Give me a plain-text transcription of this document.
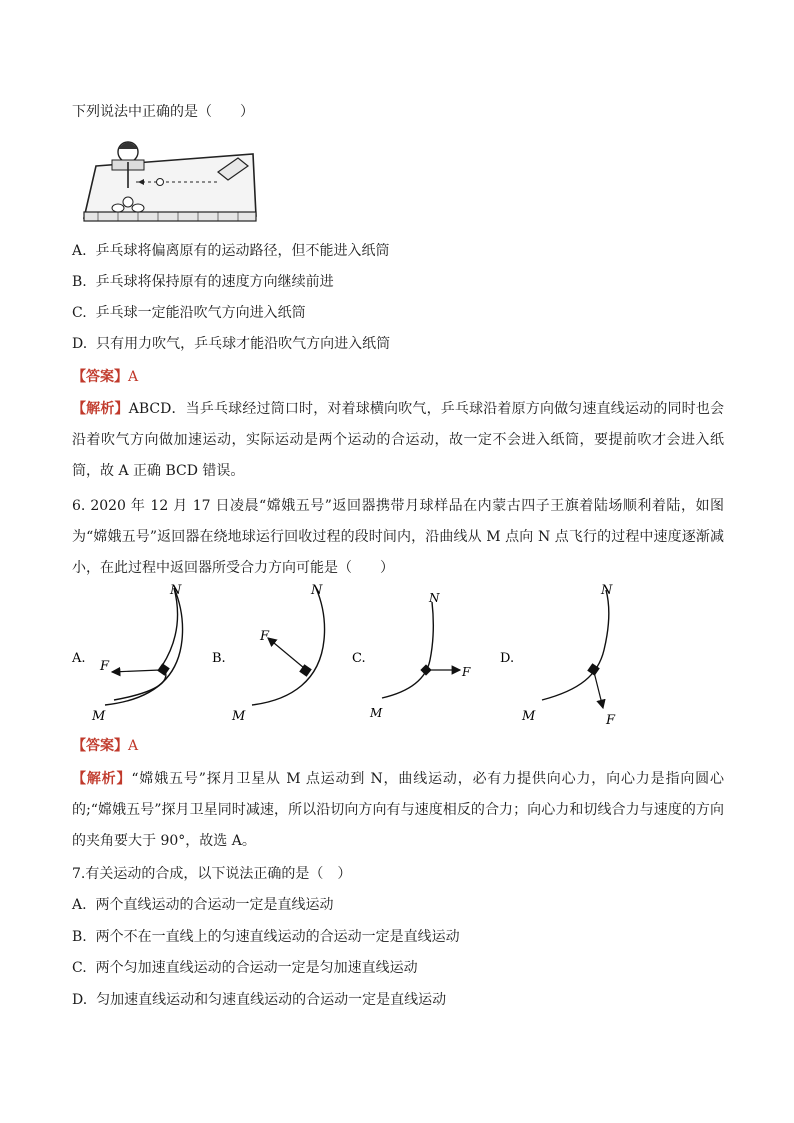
下列说法中正确的是（　　）
A. 乒乓球将偏离原有的运动路径，但不能进入纸筒
B. 乒乓球将保持原有的速度方向继续前进
C. 乒乓球一定能沿吹气方向进入纸筒
D. 只有用力吹气，乒乓球才能沿吹气方向进入纸筒
【答案】A
【解析】ABCD．当乒乓球经过筒口时，对着球横向吹气，乒乓球沿着原方向做匀速直线运动的同时也会沿着吹气方向做加速运动，实际运动是两个运动的合运动，故一定不会进入纸筒，要提前吹才会进入纸筒，故 A 正确 BCD 错误。
6. 2020 年 12 月 17 日凌晨“嫦娥五号”返回器携带月球样品在内蒙古四子王旗着陆场顺利着陆，如图为“嫦娥五号”返回器在绕地球运行回收过程的段时间内，沿曲线从 M 点向 N 点飞行的过程中速度逐渐减小，在此过程中返回器所受合力方向可能是（　　）
A.
F
M
N
B.
F
M
N
C.
F
M
N
D.
F
M
N
【答案】A
【解析】“嫦娥五号”探月卫星从 M 点运动到 N，曲线运动，必有力提供向心力，向心力是指向圆心的;“嫦娥五号”探月卫星同时减速，所以沿切向方向有与速度相反的合力；向心力和切线合力与速度的方向的夹角要大于 90°，故选 A。
7.有关运动的合成，以下说法正确的是（　）
A. 两个直线运动的合运动一定是直线运动
B. 两个不在一直线上的匀速直线运动的合运动一定是直线运动
C. 两个匀加速直线运动的合运动一定是匀加速直线运动
D. 匀加速直线运动和匀速直线运动的合运动一定是直线运动
